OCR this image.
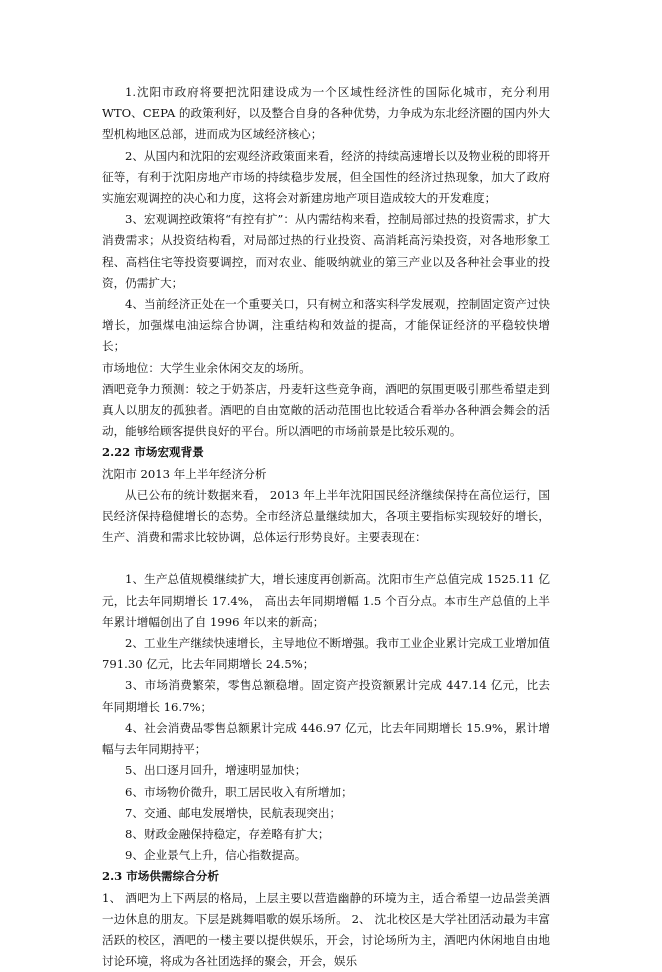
1.沈阳市政府将要把沈阳建设成为一个区域性经济性的国际化城市，充分利用 WTO、CEPA 的政策利好，以及整合自身的各种优势，力争成为东北经济圈的国内外大型机构地区总部，进而成为区域经济核心；

2、从国内和沈阳的宏观经济政策面来看，经济的持续高速增长以及物业税的即将开征等，有利于沈阳房地产市场的持续稳步发展，但全国性的经济过热现象，加大了政府实施宏观调控的决心和力度，这将会对新建房地产项目造成较大的开发难度；

3、宏观调控政策将“有控有扩”：从内需结构来看，控制局部过热的投资需求，扩大消费需求；从投资结构看，对局部过热的行业投资、高消耗高污染投资，对各地形象工程、高档住宅等投资要调控，而对农业、能吸纳就业的第三产业以及各种社会事业的投资，仍需扩大；

4、当前经济正处在一个重要关口，只有树立和落实科学发展观，控制固定资产过快增长，加强煤电油运综合协调，注重结构和效益的提高，才能保证经济的平稳较快增长；

市场地位：大学生业余休闲交友的场所。

酒吧竞争力预测：较之于奶茶店，丹麦轩这些竞争商，酒吧的氛围更吸引那些希望走到真人以朋友的孤独者。酒吧的自由宽敞的活动范围也比较适合看举办各种酒会舞会的活动，能够给顾客提供良好的平台。所以酒吧的市场前景是比较乐观的。

2.22 市场宏观背景

沈阳市 2013 年上半年经济分析

从已公布的统计数据来看， 2013 年上半年沈阳国民经济继续保持在高位运行，国民经济保持稳健增长的态势。全市经济总量继续加大，各项主要指标实现较好的增长，生产、消费和需求比较协调，总体运行形势良好。主要表现在：

1、生产总值规模继续扩大，增长速度再创新高。沈阳市生产总值完成 1525.11 亿元，比去年同期增长 17.4%， 高出去年同期增幅 1.5 个百分点。本市生产总值的上半年累计增幅创出了自 1996 年以来的新高；

2、工业生产继续快速增长，主导地位不断增强。我市工业企业累计完成工业增加值 791.30 亿元，比去年同期增长 24.5%；

3、市场消费繁荣，零售总额稳增。固定资产投资额累计完成 447.14 亿元，比去年同期增长 16.7%；

4、社会消费品零售总额累计完成 446.97 亿元，比去年同期增长 15.9%，累计增幅与去年同期持平；

5、出口逐月回升，增速明显加快；

6、市场物价微升，职工居民收入有所增加；

7、交通、邮电发展增快，民航表现突出；

8、财政金融保持稳定，存差略有扩大；

9、企业景气上升，信心指数提高。

2.3 市场供需综合分析

1、 酒吧为上下两层的格局，上层主要以营造幽静的环境为主，适合希望一边品尝美酒一边休息的朋友。下层是跳舞唱歌的娱乐场所。 2、 沈北校区是大学社团活动最为丰富活跃的校区，酒吧的一楼主要以提供娱乐，开会，讨论场所为主，酒吧内休闲地自由地讨论环境，将成为各社团选择的聚会，开会，娱乐
